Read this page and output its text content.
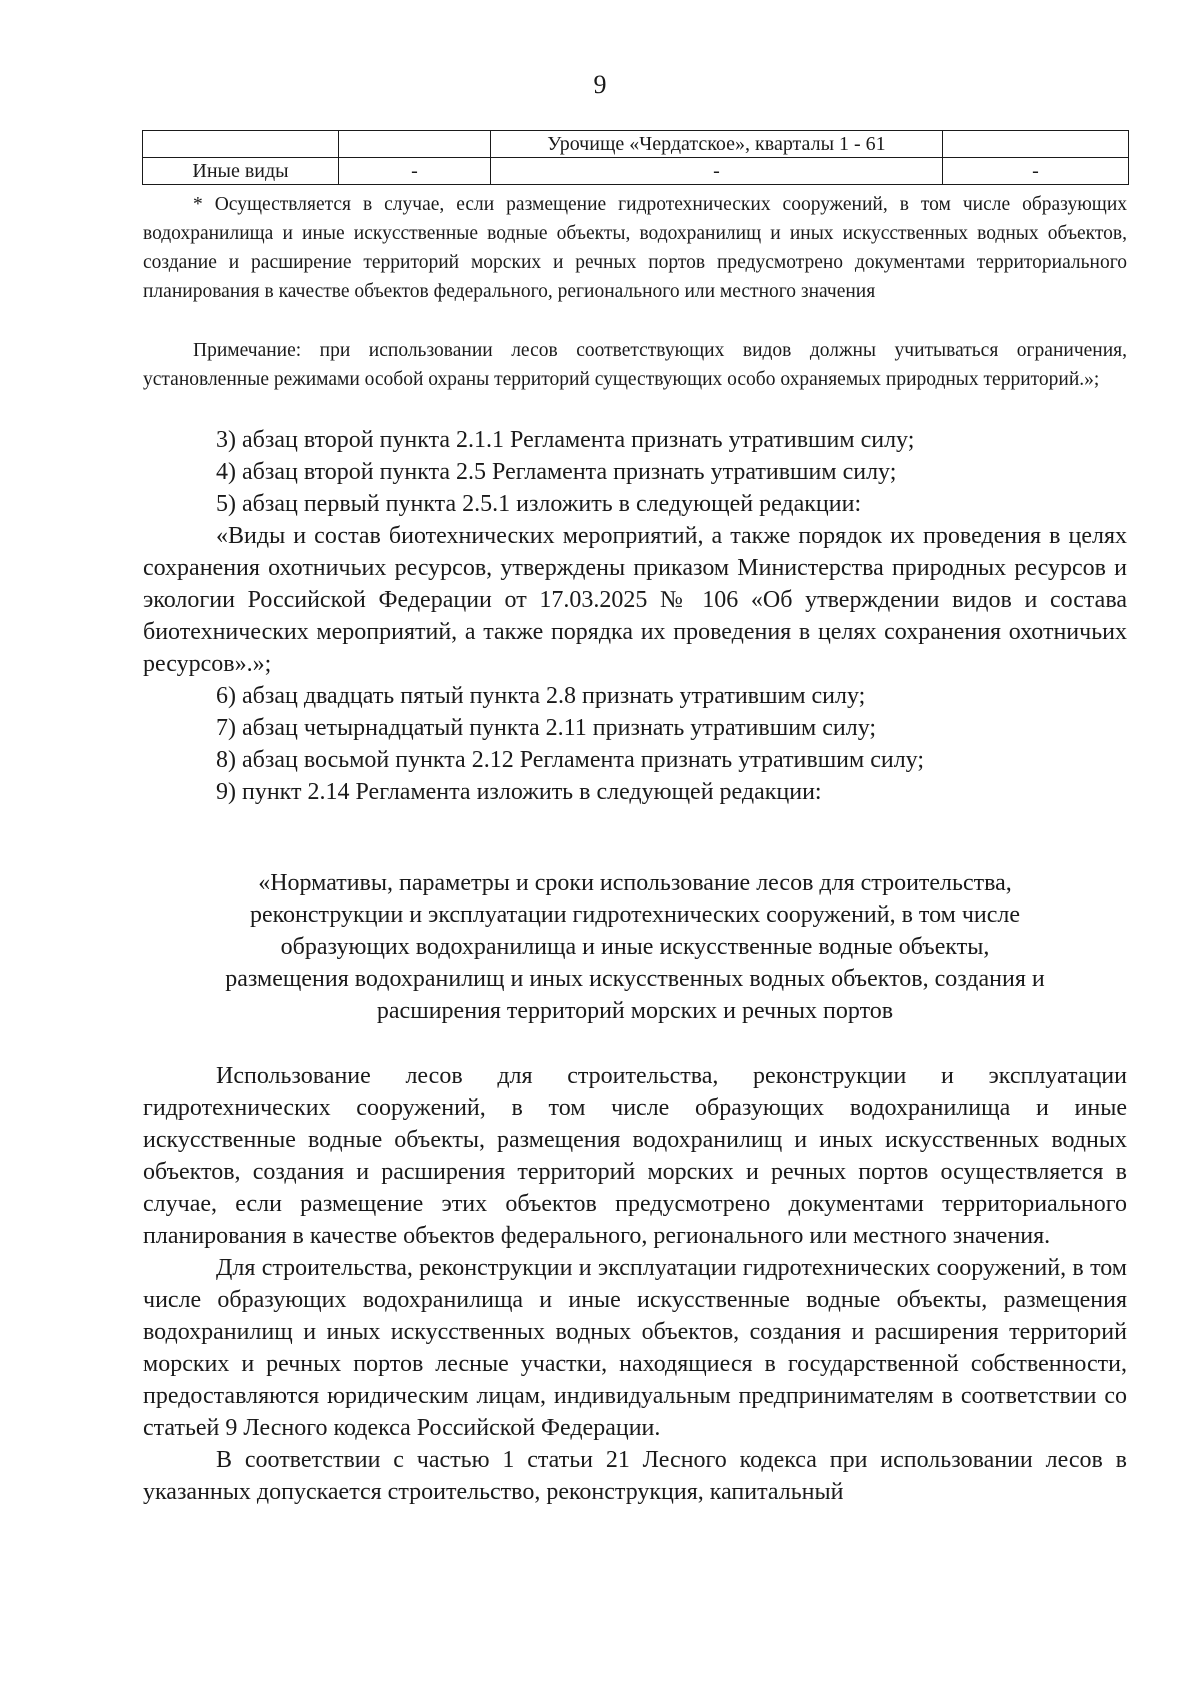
9
		Урочище «Чердатское», кварталы 1 - 61	
Иные виды	-	-	-
* Осуществляется в случае, если размещение гидротехнических сооружений, в том числе образующих водохранилища и иные искусственные водные объекты, водохранилищ и иных искусственных водных объектов, создание и расширение территорий морских и речных портов предусмотрено документами территориального планирования в качестве объектов федерального, регионального или местного значения
Примечание: при использовании лесов соответствующих видов должны учитываться ограничения, установленные режимами особой охраны территорий существующих особо охраняемых природных территорий.»;

3) абзац второй пункта 2.1.1 Регламента признать утратившим силу;

4) абзац второй пункта 2.5 Регламента признать утратившим силу;

5) абзац первый пункта 2.5.1 изложить в следующей редакции:

«Виды и состав биотехнических мероприятий, а также порядок их проведения в целях сохранения охотничьих ресурсов, утверждены приказом Министерства природных ресурсов и экологии Российской Федерации от 17.03.2025 № 106 «Об утверждении видов и состава биотехнических мероприятий, а также порядка их проведения в целях сохранения охотничьих ресурсов».»;

6) абзац двадцать пятый пункта 2.8 признать утратившим силу;

7) абзац четырнадцатый пункта 2.11 признать утратившим силу;

8) абзац восьмой пункта 2.12 Регламента признать утратившим силу;

9) пункт 2.14 Регламента изложить в следующей редакции:

«Нормативы, параметры и сроки использование лесов для строительства,

реконструкции и эксплуатации гидротехнических сооружений, в том числе

образующих водохранилища и иные искусственные водные объекты,

размещения водохранилищ и иных искусственных водных объектов, создания и

расширения территорий морских и речных портов

Использование лесов для строительства, реконструкции и эксплуатации гидротехнических сооружений, в том числе образующих водохранилища и иные искусственные водные объекты, размещения водохранилищ и иных искусственных водных объектов, создания и расширения территорий морских и речных портов осуществляется в случае, если размещение этих объектов предусмотрено документами территориального планирования в качестве объектов федерального, регионального или местного значения.

Для строительства, реконструкции и эксплуатации гидротехнических сооружений, в том числе образующих водохранилища и иные искусственные водные объекты, размещения водохранилищ и иных искусственных водных объектов, создания и расширения территорий морских и речных портов лесные участки, находящиеся в государственной собственности, предоставляются юридическим лицам, индивидуальным предпринимателям в соответствии со статьей 9 Лесного кодекса Российской Федерации.

В соответствии с частью 1 статьи 21 Лесного кодекса при использовании лесов в указанных допускается строительство, реконструкция, капитальный
